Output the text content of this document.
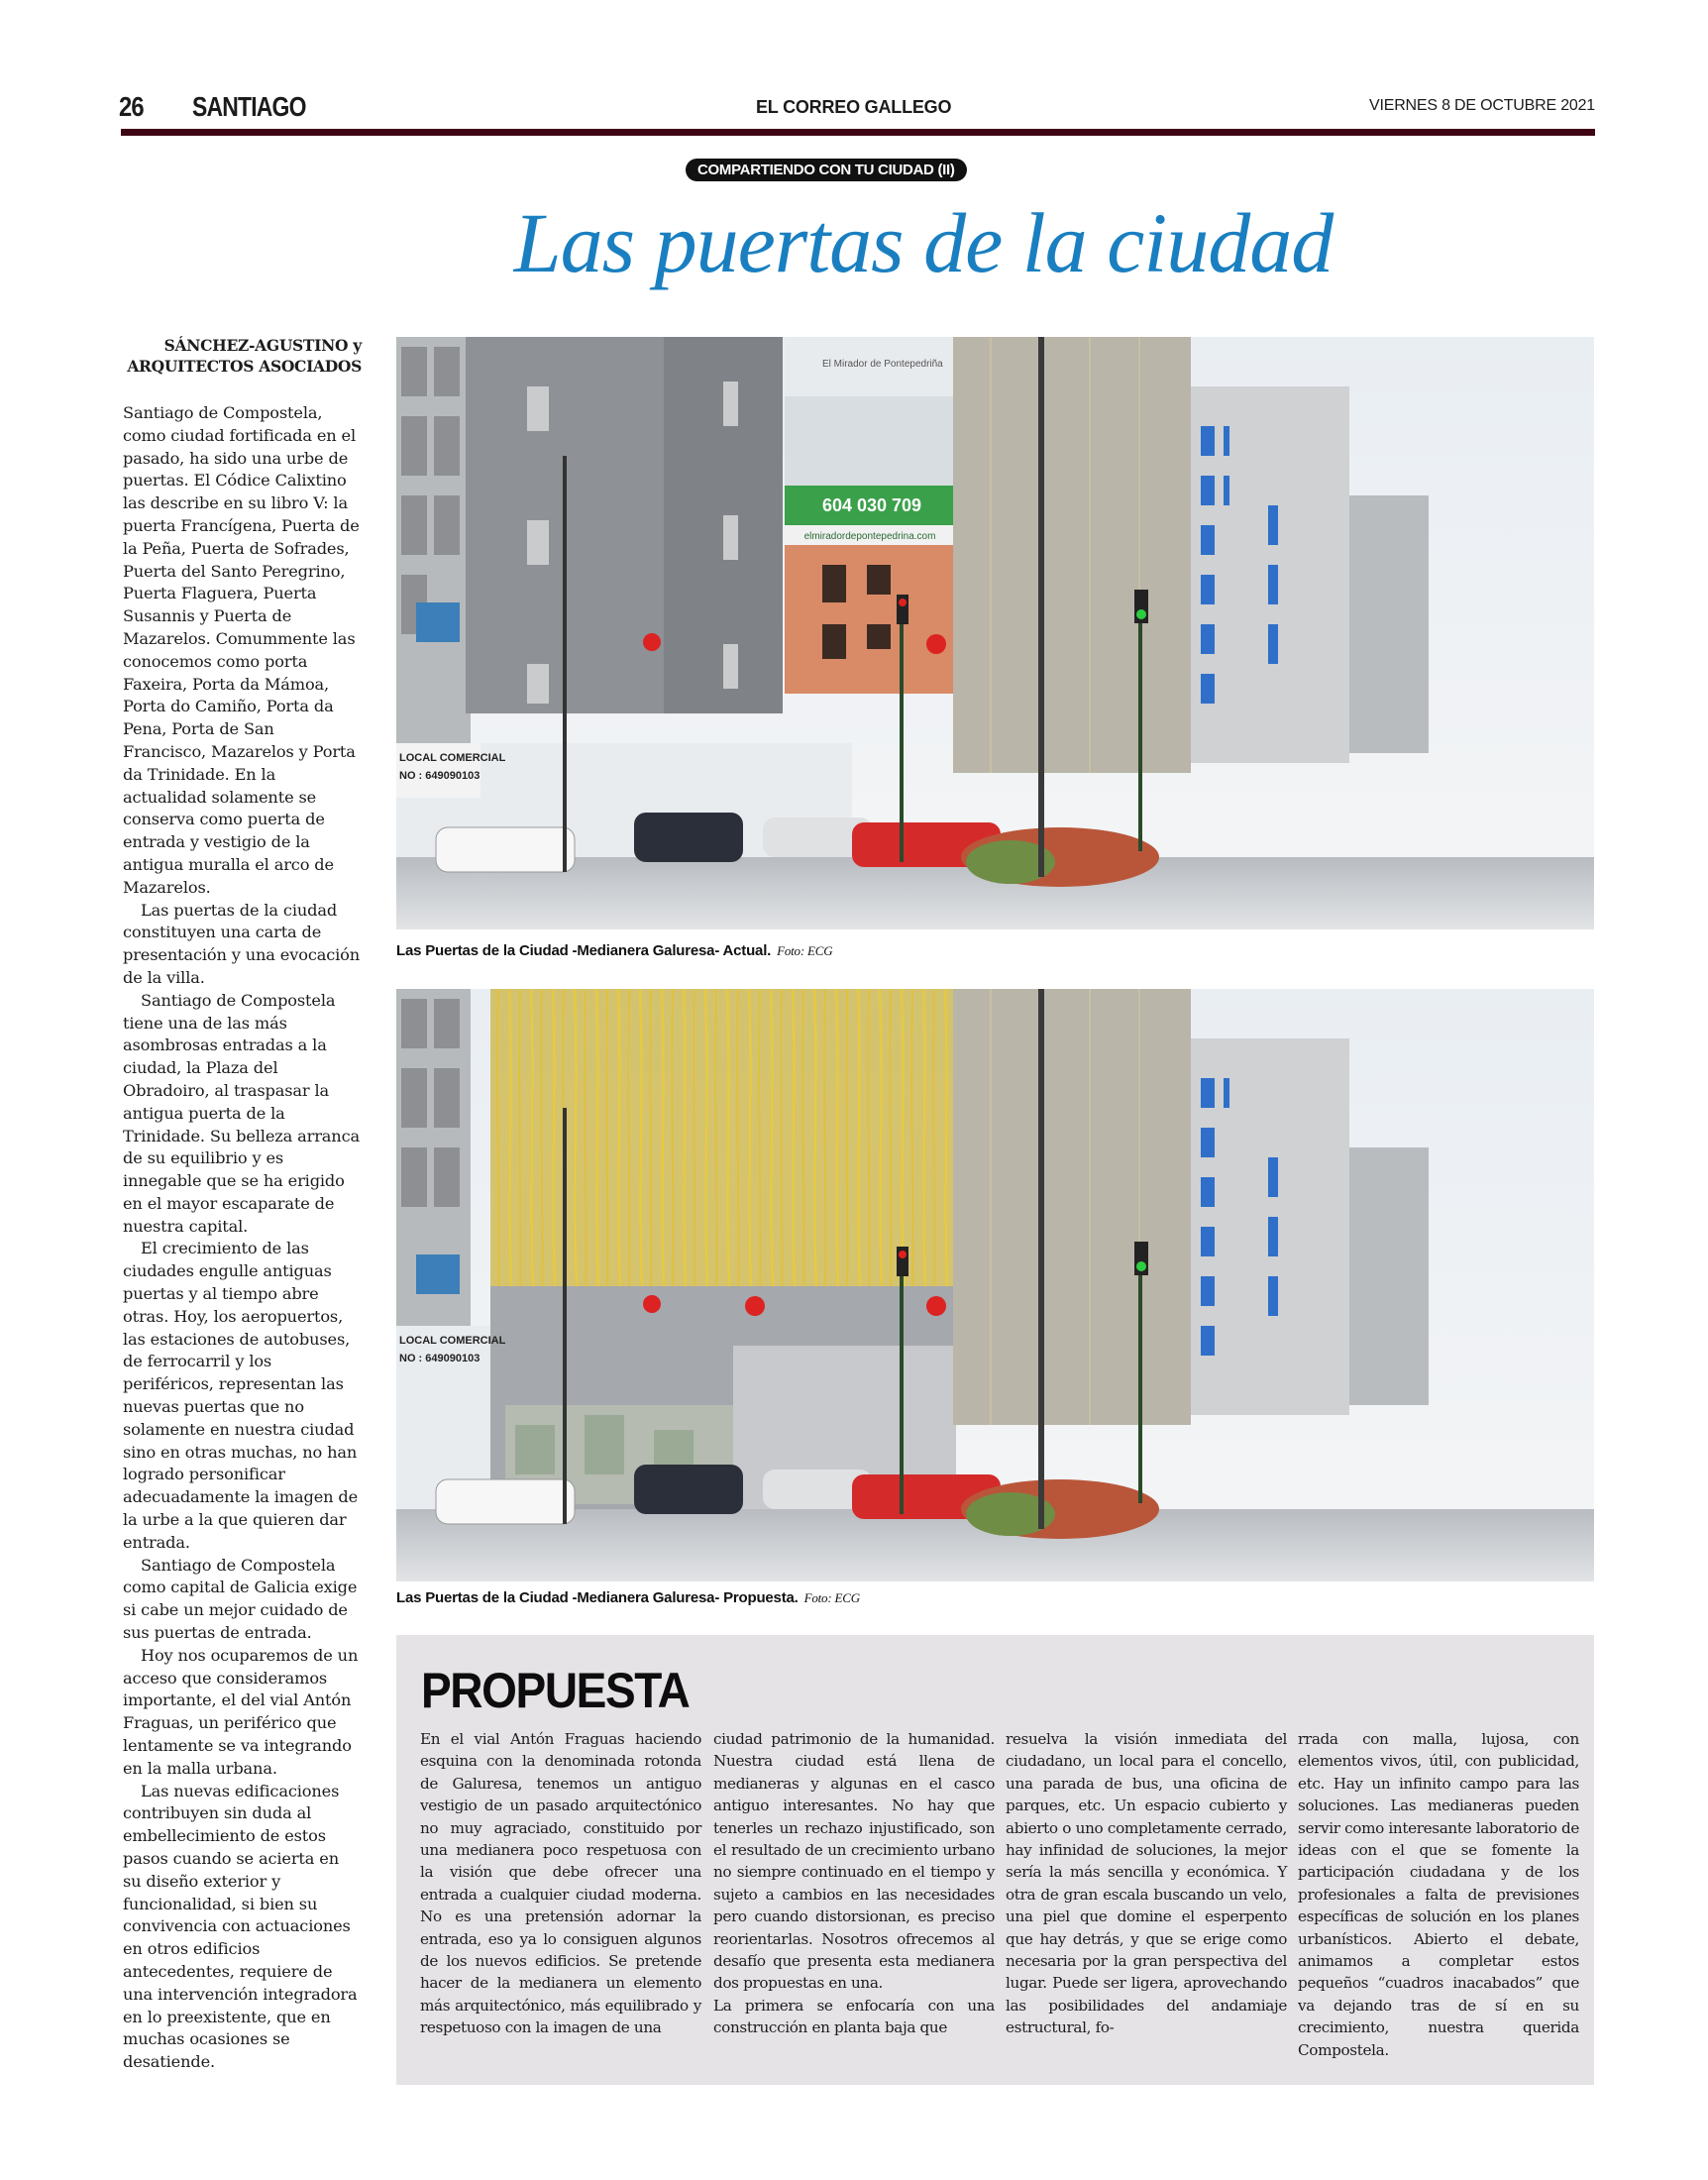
26 SANTIAGO	EL CORREO GALLEGO	VIERNES 8 DE OCTUBRE 2021
COMPARTIENDO CON TU CIUDAD (II)
Las puertas de la ciudad
SÁNCHEZ-AGUSTINO y
ARQUITECTOS ASOCIADOS

Santiago de Compostela, como ciudad fortificada en el pasado, ha sido una urbe de puertas. El Códice Calixtino las describe en su libro V: la puerta Francígena, Puerta de la Peña, Puerta de Sofrades, Puerta del Santo Peregrino, Puerta Flaguera, Puerta Susannis y Puerta de Mazarelos. Comummente las conocemos como porta Faxeira, Porta da Mámoa, Porta do Camiño, Porta da Pena, Porta de San Francisco, Mazarelos y Porta da Trinidade. En la actualidad solamente se conserva como puerta de entrada y vestigio de la antigua muralla el arco de Mazarelos.

Las puertas de la ciudad constituyen una carta de presentación y una evocación de la villa.

Santiago de Compostela tiene una de las más asombrosas entradas a la ciudad, la Plaza del Obradoiro, al traspasar la antigua puerta de la Trinidade. Su belleza arranca de su equilibrio y es innegable que se ha erigido en el mayor escaparate de nuestra capital.

El crecimiento de las ciudades engulle antiguas puertas y al tiempo abre otras. Hoy, los aeropuertos, las estaciones de autobuses, de ferrocarril y los periféricos, representan las nuevas puertas que no solamente en nuestra ciudad sino en otras muchas, no han logrado personificar adecuadamente la imagen de la urbe a la que quieren dar entrada.

Santiago de Compostela como capital de Galicia exige si cabe un mejor cuidado de sus puertas de entrada.

Hoy nos ocuparemos de un acceso que consideramos importante, el del vial Antón Fraguas, un periférico que lentamente se va integrando en la malla urbana.

Las nuevas edificaciones contribuyen sin duda al embellecimiento de estos pasos cuando se acierta en su diseño exterior y funcionalidad, si bien su convivencia con actuaciones en otros edificios antecedentes, requiere de una intervención integradora en lo preexistente, que en muchas ocasiones se desatiende.

604 030 709
elmiradordepontepedrina.com
El Mirador de Pontepedriña
LOCAL COMERCIAL
NO : 649090103
Las Puertas de la Ciudad -Medianera Galuresa- Actual. Foto: ECG
LOCAL COMERCIAL
NO : 649090103
Las Puertas de la Ciudad -Medianera Galuresa- Propuesta. Foto: ECG
PROPUESTA

En el vial Antón Fraguas haciendo esquina con la denominada rotonda de Galuresa, tenemos un antiguo vestigio de un pasado arquitectónico no muy agraciado, constituido por una medianera poco respetuosa con la visión que debe ofrecer una entrada a cualquier ciudad moderna. No es una pretensión adornar la entrada, eso ya lo consiguen algunos de los nuevos edificios. Se pretende hacer de la medianera un elemento más arquitectónico, más equilibrado y respetuoso con la imagen de una

ciudad patrimonio de la humanidad. Nuestra ciudad está llena de medianeras y algunas en el casco antiguo interesantes. No hay que tenerles un rechazo injustificado, son el resultado de un crecimiento urbano no siempre continuado en el tiempo y sujeto a cambios en las necesidades pero cuando distorsionan, es preciso reorientarlas. Nosotros ofrecemos al desafío que presenta esta medianera dos propuestas en una.

La primera se enfocaría con una construcción en planta baja que

resuelva la visión inmediata del ciudadano, un local para el concello, una parada de bus, una oficina de parques, etc. Un espacio cubierto y abierto o uno completamente cerrado, hay infinidad de soluciones, la mejor sería la más sencilla y económica. Y otra de gran escala buscando un velo, una piel que domine el esperpento que hay detrás, y que se erige como necesaria por la gran perspectiva del lugar. Puede ser ligera, aprovechando las posibilidades del andamiaje estructural, fo-

rrada con malla, lujosa, con elementos vivos, útil, con publicidad, etc. Hay un infinito campo para las soluciones. Las medianeras pueden servir como interesante laboratorio de ideas con el que se fomente la participación ciudadana y de los profesionales a falta de previsiones específicas de solución en los planes urbanísticos. Abierto el debate, animamos a completar estos pequeños “cuadros inacabados” que va dejando tras de sí en su crecimiento, nuestra querida Compostela.
